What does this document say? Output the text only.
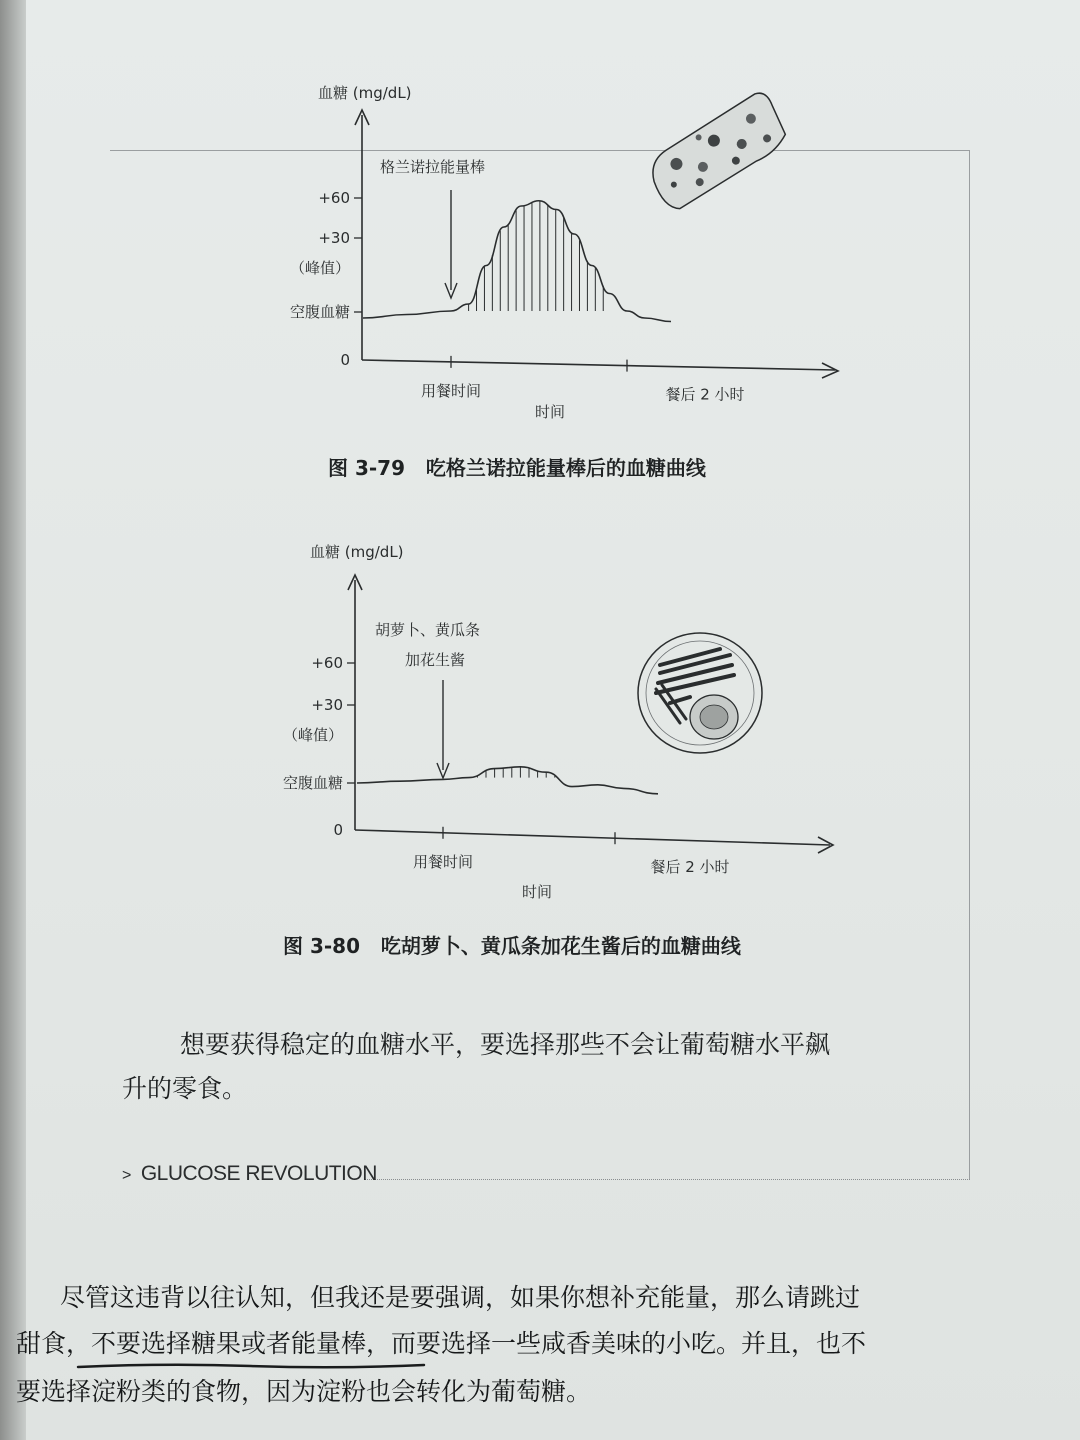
血糖 (mg/dL)
0
空腹血糖
（峰值）
+30
+60
用餐时间	餐后 2 小时
格兰诺拉能量棒
时间
图 3-79 吃格兰诺拉能量棒后的血糖曲线
血糖 (mg/dL)
0
空腹血糖
（峰值）
+30
+60
用餐时间	餐后 2 小时
胡萝卜、黄瓜条
加花生酱
时间
图 3-80 吃胡萝卜、黄瓜条加花生酱后的血糖曲线
想要获得稳定的血糖水平，要选择那些不会让葡萄糖水平飙
升的零食。
> GLUCOSE REVOLUTION
尽管这违背以往认知，但我还是要强调，如果你想补充能量，那么请跳过
甜食，不要选择糖果或者能量棒，而要选择一些咸香美味的小吃。并且，也不
要选择淀粉类的食物，因为淀粉也会转化为葡萄糖。
